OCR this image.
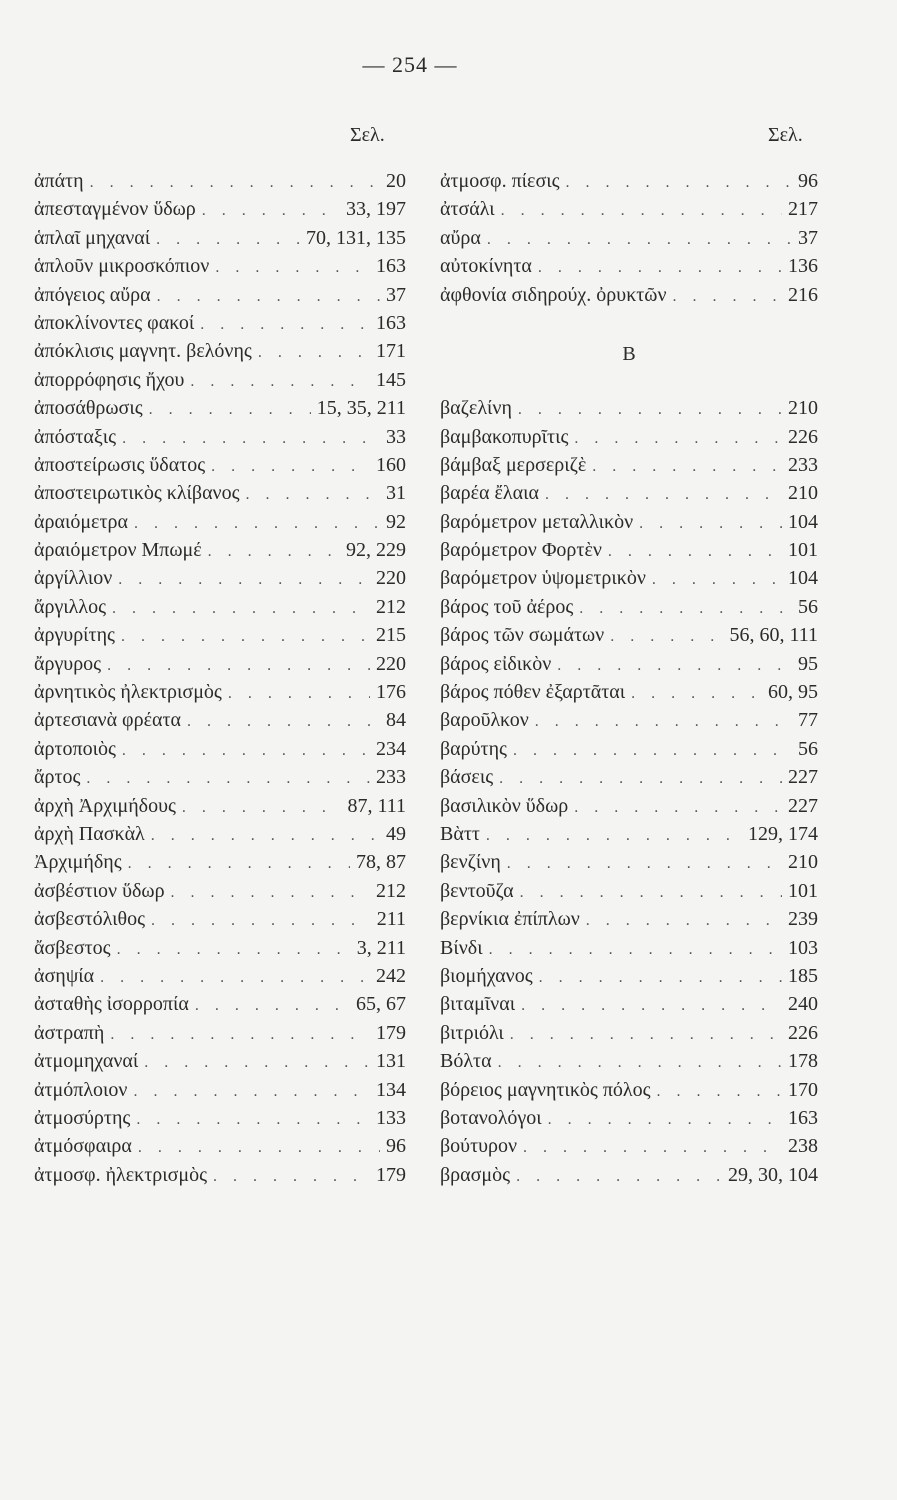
— 254 —
Σελ.	Σελ.
ἀπάτη . . .	20
ἀπεσταγμένον ὕδωρ . . .	33, 197
ἁπλαῖ μηχαναί . . .	70, 131, 135
ἁπλοῦν μικροσκόπιον . . .	163
ἀπόγειος αὔρα . . .	37
ἀποκλίνοντες φακοί . . .	163
ἀπόκλισις μαγνητ. βελόνης . . .	171
ἀπορρόφησις ἤχου . . .	145
ἀποσάθρωσις . . .	15, 35, 211
ἀπόσταξις . . .	33
ἀποστείρωσις ὕδατος . . .	160
ἀποστειρωτικὸς κλίβανος . . .	31
ἀραιόμετρα . . .	92
ἀραιόμετρον Μπωμέ . . .	92, 229
ἀργίλλιον . . .	220
ἄργιλλος . . .	212
ἀργυρίτης . . .	215
ἄργυρος . . .	220
ἀρνητικὸς ἠλεκτρισμὸς . . .	176
ἀρτεσιανὰ φρέατα . . .	84
ἀρτοποιὸς . . .	234
ἄρτος . . .	233
ἀρχὴ Ἀρχιμήδους . . .	87, 111
ἀρχὴ Πασκὰλ . . .	49
Ἀρχιμήδης . . .	78, 87
ἀσβέστιον ὕδωρ . . .	212
ἀσβεστόλιθος . . .	211
ἄσβεστος . . .	3, 211
ἀσηψία . . .	242
ἀσταθὴς ἰσορροπία . . .	65, 67
ἀστραπὴ . . .	179
ἀτμομηχαναί . . .	131
ἀτμόπλοιον . . .	134
ἀτμοσύρτης . . .	133
ἀτμόσφαιρα . . .	96
ἀτμοσφ. ἠλεκτρισμὸς . . .	179
ἀτμοσφ. πίεσις . . .	96
ἀτσάλι . . .	217
αὔρα . . .	37
αὐτοκίνητα . . .	136
ἀφθονία σιδηρούχ. ὀρυκτῶν . . .	216
Β
βαζελίνη . . .	210
βαμβακοπυρῖτις . . .	226
βάμβαξ μερσεριζὲ . . .	233
βαρέα ἔλαια . . .	210
βαρόμετρον μεταλλικὸν . . .	104
βαρόμετρον Φορτὲν . . .	101
βαρόμετρον ὑψομετρικὸν . . .	104
βάρος τοῦ ἀέρος . . .	56
βάρος τῶν σωμάτων . . .	56, 60, 111
βάρος εἰδικὸν . . .	95
βάρος πόθεν ἐξαρτᾶται . . .	60, 95
βαροῦλκον . . .	77
βαρύτης . . .	56
βάσεις . . .	227
βασιλικὸν ὕδωρ . . .	227
Βὰττ . . .	129, 174
βενζίνη . . .	210
βεντοῦζα . . .	101
βερνίκια ἐπίπλων . . .	239
Βίνδι . . .	103
βιομήχανος . . .	185
βιταμῖναι . . .	240
βιτριόλι . . .	226
Βόλτα . . .	178
βόρειος μαγνητικὸς πόλος . . .	170
βοτανολόγοι . . .	163
βούτυρον . . .	238
βρασμὸς . . .	29, 30, 104
